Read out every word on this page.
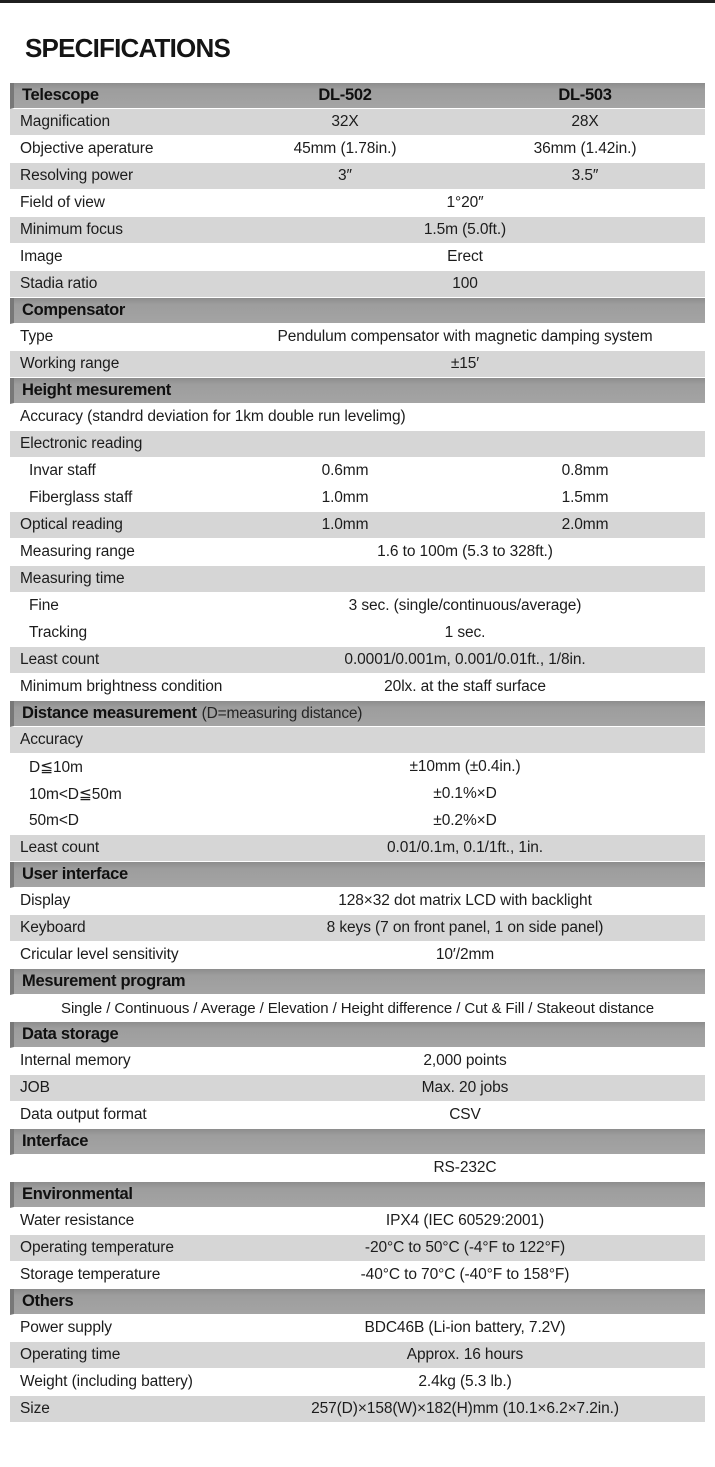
SPECIFICATIONS
Telescope	DL-502	DL-503
Magnification	32X	28X
Objective aperature	45mm (1.78in.)	36mm (1.42in.)
Resolving power	3″	3.5″
Field of view	1°20″
Minimum focus	1.5m (5.0ft.)
Image	Erect
Stadia ratio	100
Compensator
Type	Pendulum compensator with magnetic damping system
Working range	±15′
Height mesurement
Accuracy (standrd deviation for 1km double run levelimg)
Electronic reading
Invar staff	0.6mm	0.8mm
Fiberglass staff	1.0mm	1.5mm
Optical reading	1.0mm	2.0mm
Measuring range	1.6 to 100m (5.3 to 328ft.)
Measuring time
Fine	3 sec. (single/continuous/average)
Tracking	1 sec.
Least count	0.0001/0.001m, 0.001/0.01ft., 1/8in.
Minimum brightness condition	20lx. at the staff surface
Distance measurement (D=measuring distance)
Accuracy
D≦10m	±10mm (±0.4in.)
10m<D≦50m	±0.1%×D
50m<D	±0.2%×D
Least count	0.01/0.1m, 0.1/1ft., 1in.
User interface
Display	128×32 dot matrix LCD with backlight
Keyboard	8 keys (7 on front panel, 1 on side panel)
Cricular level sensitivity	10′/2mm
Mesurement program
Single / Continuous / Average / Elevation / Height difference / Cut & Fill / Stakeout distance
Data storage
Internal memory	2,000 points
JOB	Max. 20 jobs
Data output format	CSV
Interface
RS-232C
Environmental
Water resistance	IPX4 (IEC 60529:2001)
Operating temperature	-20°C to 50°C (-4°F to 122°F)
Storage temperature	-40°C to 70°C (-40°F to 158°F)
Others
Power supply	BDC46B (Li-ion battery, 7.2V)
Operating time	Approx. 16 hours
Weight (including battery)	2.4kg (5.3 lb.)
Size	257(D)×158(W)×182(H)mm (10.1×6.2×7.2in.)
